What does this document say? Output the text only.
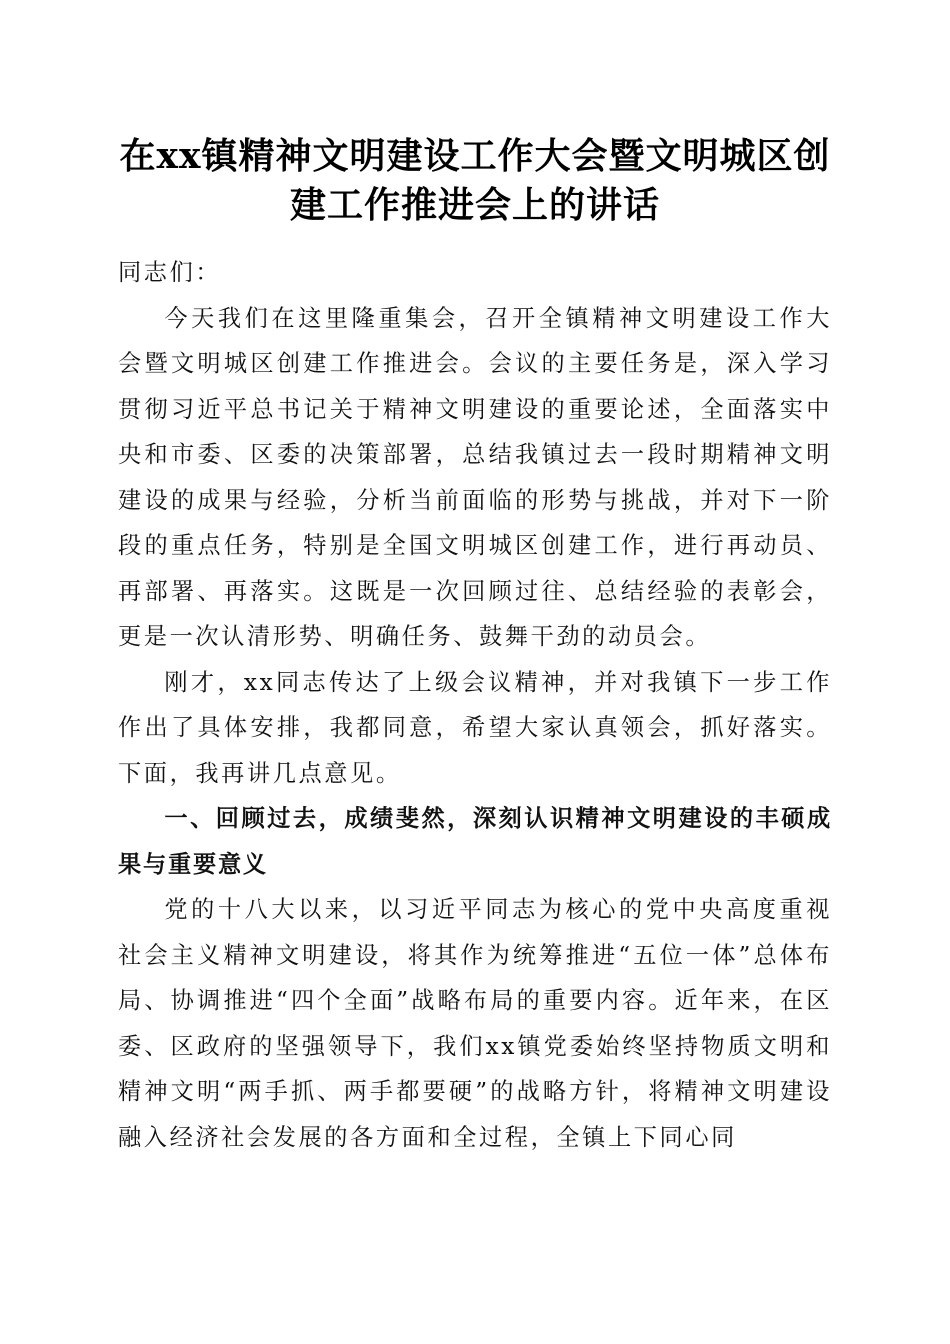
在xx镇精神文明建设工作大会暨文明城区创建工作推进会上的讲话

同志们：

今天我们在这里隆重集会，召开全镇精神文明建设工作大会暨文明城区创建工作推进会。会议的主要任务是，深入学习贯彻习近平总书记关于精神文明建设的重要论述，全面落实中央和市委、区委的决策部署，总结我镇过去一段时期精神文明建设的成果与经验，分析当前面临的形势与挑战，并对下一阶段的重点任务，特别是全国文明城区创建工作，进行再动员、再部署、再落实。这既是一次回顾过往、总结经验的表彰会，更是一次认清形势、明确任务、鼓舞干劲的动员会。

刚才，xx同志传达了上级会议精神，并对我镇下一步工作作出了具体安排，我都同意，希望大家认真领会，抓好落实。下面，我再讲几点意见。

一、回顾过去，成绩斐然，深刻认识精神文明建设的丰硕成果与重要意义

党的十八大以来，以习近平同志为核心的党中央高度重视社会主义精神文明建设，将其作为统筹推进“五位一体”总体布局、协调推进“四个全面”战略布局的重要内容。近年来，在区委、区政府的坚强领导下，我们xx镇党委始终坚持物质文明和精神文明“两手抓、两手都要硬”的战略方针，将精神文明建设融入经济社会发展的各方面和全过程，全镇上下同心同
